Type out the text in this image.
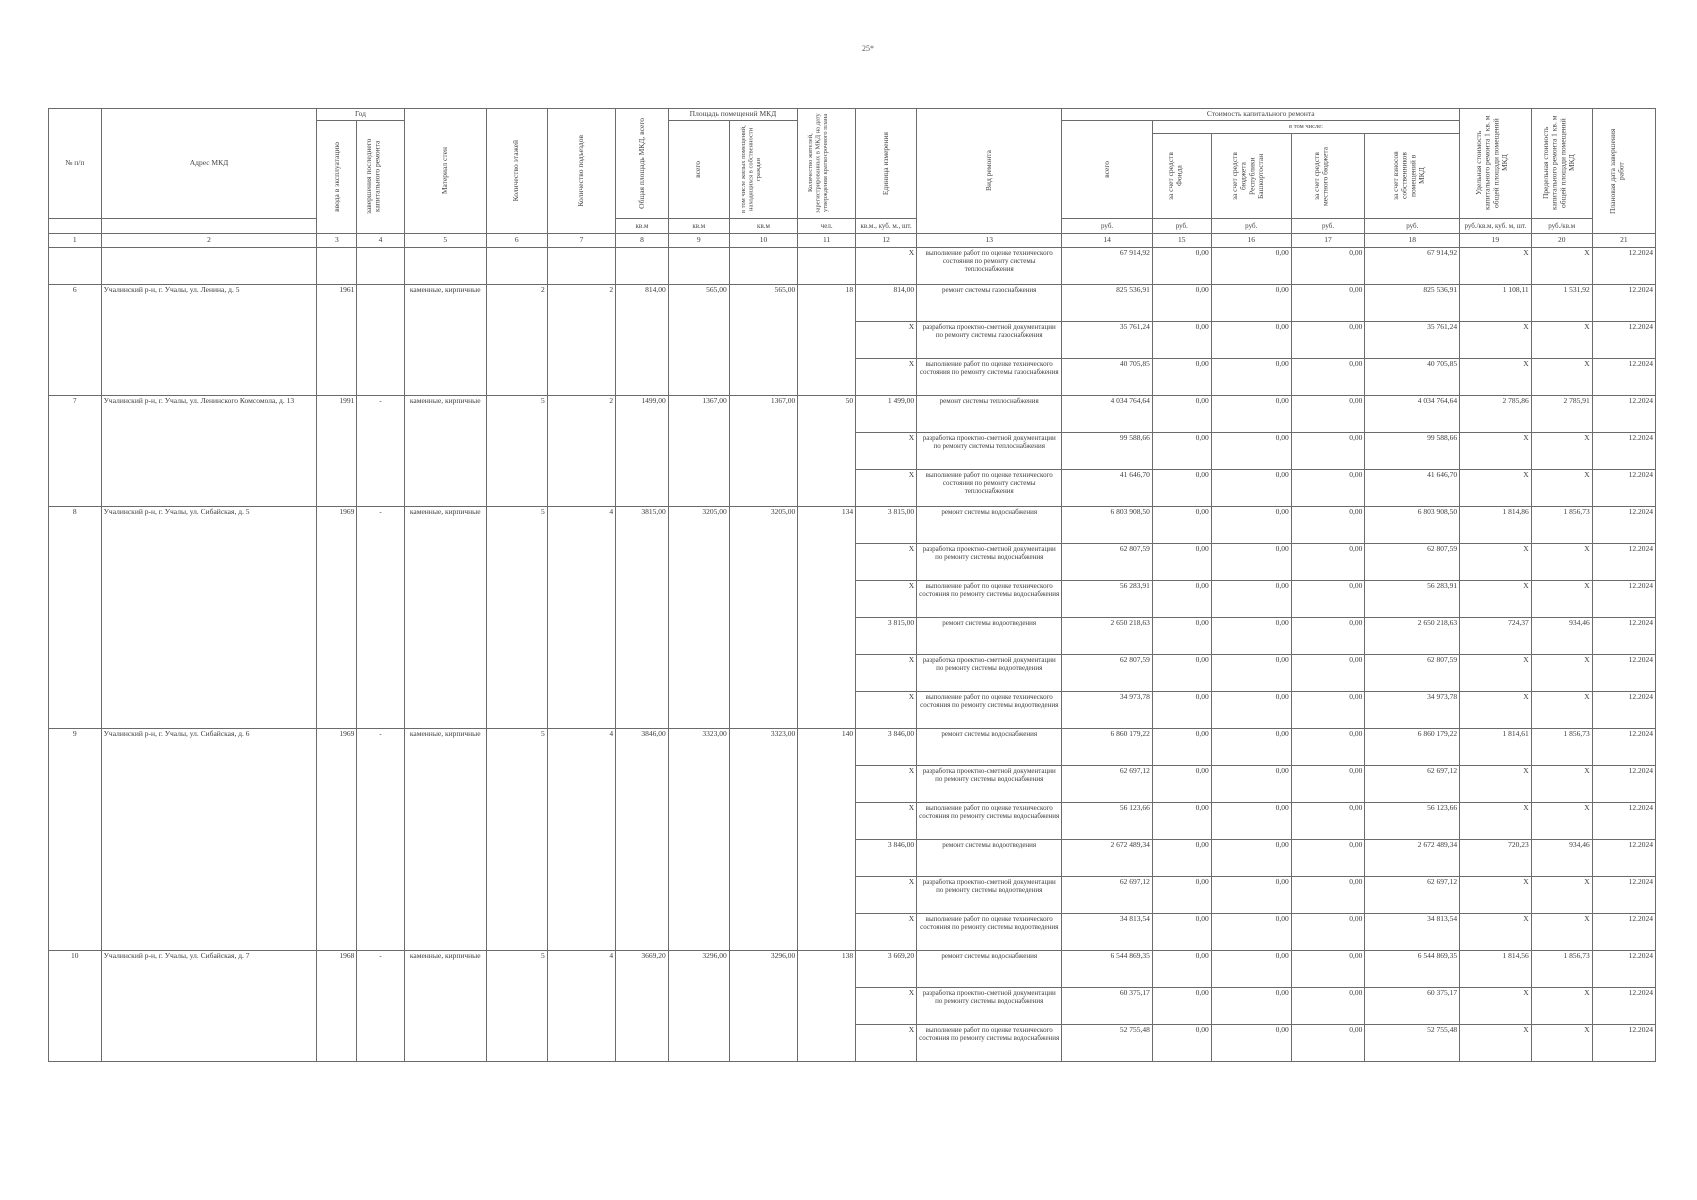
25*
№ п/п	Адрес МКД	Год		Материал стен	Количество этажей	Количество подъездов	Общая площадь МКД, всего	Площадь помещений МКД		Количество жителей, зарегистрированных в МКД на дату утверждения краткосрочного плана	Единица измерения	Вид ремонта	Стоимость капитального ремонта					Удельная стоимость капитального ремонта 1 кв. м общей площади помещений МКД	Предельная стоимость капитального ремонта 1 кв. м общей площади помещений МКД	Плановая дата завершения работ

		ввода в эксплуатацию	завершения последнего капитального ремонта					всего	в том числе жилых помещений, находящихся в собственности граждан				всего	в том числе:						

														за счет средств Фонда	за счет средств бюджета Республики Башкортостан	за счет средств местного бюджета	за счет взносов собственников помещений в МКД			

							кв.м	кв.м	кв.м	чел.	кв.м., куб. м., шт.		руб.	руб.	руб.	руб.	руб.	руб./кв.м, куб. м, шт.	руб./кв.м	
1	2	3	4	5	6	7	8	9	10	11	12	13	14	15	16	17	18	19	20	21
											X	выполнение работ по оценке технического состояния по ремонту системы теплоснабжения	67 914,92	0,00	0,00	0,00	67 914,92	X	X	12.2024
6	Учалинский р-н, г. Учалы, ул. Ленина, д. 5	1961		каменные, кирпичные	2	2	814,00	565,00	565,00	18	814,00	ремонт системы газоснабжения	825 536,91	0,00	0,00	0,00	825 536,91	1 108,11	1 531,92	12.2024
											X	разработка проектно-сметной документации по ремонту системы газоснабжения	35 761,24	0,00	0,00	0,00	35 761,24	X	X	12.2024
											X	выполнение работ по оценке технического состояния по ремонту системы газоснабжения	40 705,85	0,00	0,00	0,00	40 705,85	X	X	12.2024
7	Учалинский р-н, г. Учалы, ул. Ленинского Комсомола, д. 13	1991	-	каменные, кирпичные	5	2	1499,00	1367,00	1367,00	50	1 499,00	ремонт системы теплоснабжения	4 034 764,64	0,00	0,00	0,00	4 034 764,64	2 785,86	2 785,91	12.2024
											X	разработка проектно-сметной документации по ремонту системы теплоснабжения	99 588,66	0,00	0,00	0,00	99 588,66	X	X	12.2024
											X	выполнение работ по оценке технического состояния по ремонту системы теплоснабжения	41 646,70	0,00	0,00	0,00	41 646,70	X	X	12.2024
8	Учалинский р-н, г. Учалы, ул. Сибайская, д. 5	1969	-	каменные, кирпичные	5	4	3815,00	3205,00	3205,00	134	3 815,00	ремонт системы водоснабжения	6 803 908,50	0,00	0,00	0,00	6 803 908,50	1 814,86	1 856,73	12.2024
											X	разработка проектно-сметной документации по ремонту системы водоснабжения	62 807,59	0,00	0,00	0,00	62 807,59	X	X	12.2024
											X	выполнение работ по оценке технического состояния по ремонту системы водоснабжения	56 283,91	0,00	0,00	0,00	56 283,91	X	X	12.2024
											3 815,00	ремонт системы водоотведения	2 650 218,63	0,00	0,00	0,00	2 650 218,63	724,37	934,46	12.2024
											X	разработка проектно-сметной документации по ремонту системы водоотведения	62 807,59	0,00	0,00	0,00	62 807,59	X	X	12.2024
											X	выполнение работ по оценке технического состояния по ремонту системы водоотведения	34 973,78	0,00	0,00	0,00	34 973,78	X	X	12.2024
9	Учалинский р-н, г. Учалы, ул. Сибайская, д. 6	1969	-	каменные, кирпичные	5	4	3846,00	3323,00	3323,00	140	3 846,00	ремонт системы водоснабжения	6 860 179,22	0,00	0,00	0,00	6 860 179,22	1 814,61	1 856,73	12.2024
											X	разработка проектно-сметной документации по ремонту системы водоснабжения	62 697,12	0,00	0,00	0,00	62 697,12	X	X	12.2024
											X	выполнение работ по оценке технического состояния по ремонту системы водоснабжения	56 123,66	0,00	0,00	0,00	56 123,66	X	X	12.2024
											3 846,00	ремонт системы водоотведения	2 672 489,34	0,00	0,00	0,00	2 672 489,34	720,23	934,46	12.2024
											X	разработка проектно-сметной документации по ремонту системы водоотведения	62 697,12	0,00	0,00	0,00	62 697,12	X	X	12.2024
											X	выполнение работ по оценке технического состояния по ремонту системы водоотведения	34 813,54	0,00	0,00	0,00	34 813,54	X	X	12.2024
10	Учалинский р-н, г. Учалы, ул. Сибайская, д. 7	1968	-	каменные, кирпичные	5	4	3669,20	3296,00	3296,00	138	3 669,20	ремонт системы водоснабжения	6 544 869,35	0,00	0,00	0,00	6 544 869,35	1 814,56	1 856,73	12.2024
											X	разработка проектно-сметной документации по ремонту системы водоснабжения	60 375,17	0,00	0,00	0,00	60 375,17	X	X	12.2024
											X	выполнение работ по оценке технического состояния по ремонту системы водоснабжения	52 755,48	0,00	0,00	0,00	52 755,48	X	X	12.2024
